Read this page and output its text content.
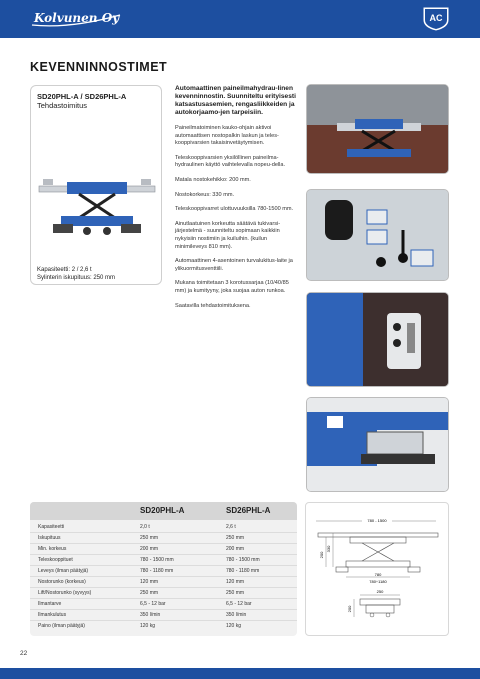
Kolvunen Oy	AC
KEVENNINNOSTIMET
SD20PHL-A / SD26PHL-A
Tehdastoimitus
Kapasiteetti: 2 / 2,6 t
Sylinterin iskupituus: 250 mm
Automaattinen paineilmahydrau-linen kevenninnostin. Suunniteltu erityisesti katsastusasemien, rengasliikkeiden ja autokorjaamo-jen tarpeisiin.

Paineilmatoiminen kauko-ohjain aktivoi automaattisen nostopalkin laskun ja teles-kooppivarsien takaisinvetäytymisen.

Teleskooppivarsien yksilöllinen paineilma-hydraulinen käyttö vaihtelevalla nopeu-della.

Matala nostokehikko: 200 mm.

Nostokorkeus: 330 mm.

Teleskooppivarret ulottuvuuksilla 780-1500 mm.

Ainutlaatuinen korkeutta säätävä tukivarsi-järjestelmä - suunniteltu sopimaan kaikkiin nykyisiin nostimiin ja kuiluihin. (kuilun minimileveys 810 mm).

Automaattinen 4-asentoinen turvalukitus-laite ja ylikuormitusventtiili.

Mukana toimitetaan 3 korotussarjaa (10/40/85 mm) ja kumityyny, joka suojaa auton runkoa.

Saatavilla tehdastoimituksena.

SD20PHL-A	SD26PHL-A
Kapasiteetti	2,0 t	2,6 t
Iskupituus	250 mm	250 mm
Min. korkeus	200 mm	200 mm
Teleskooppituet	780 - 1500 mm	780 - 1500 mm
Leveys (ilman päätyjä)	780 - 1180 mm	780 - 1180 mm
Nostorunko (korkeus)	120 mm	120 mm
Lift/Nostorunko (syvyys)	250 mm	250 mm
Ilmantarve	6,5 - 12 bar	6,5 - 12 bar
Ilmankulutus	350 l/min	350 l/min
Paino (ilman päätyjä)	120 kg	120 kg
780 - 1500
200
330
780
780÷1180
250
200
22
